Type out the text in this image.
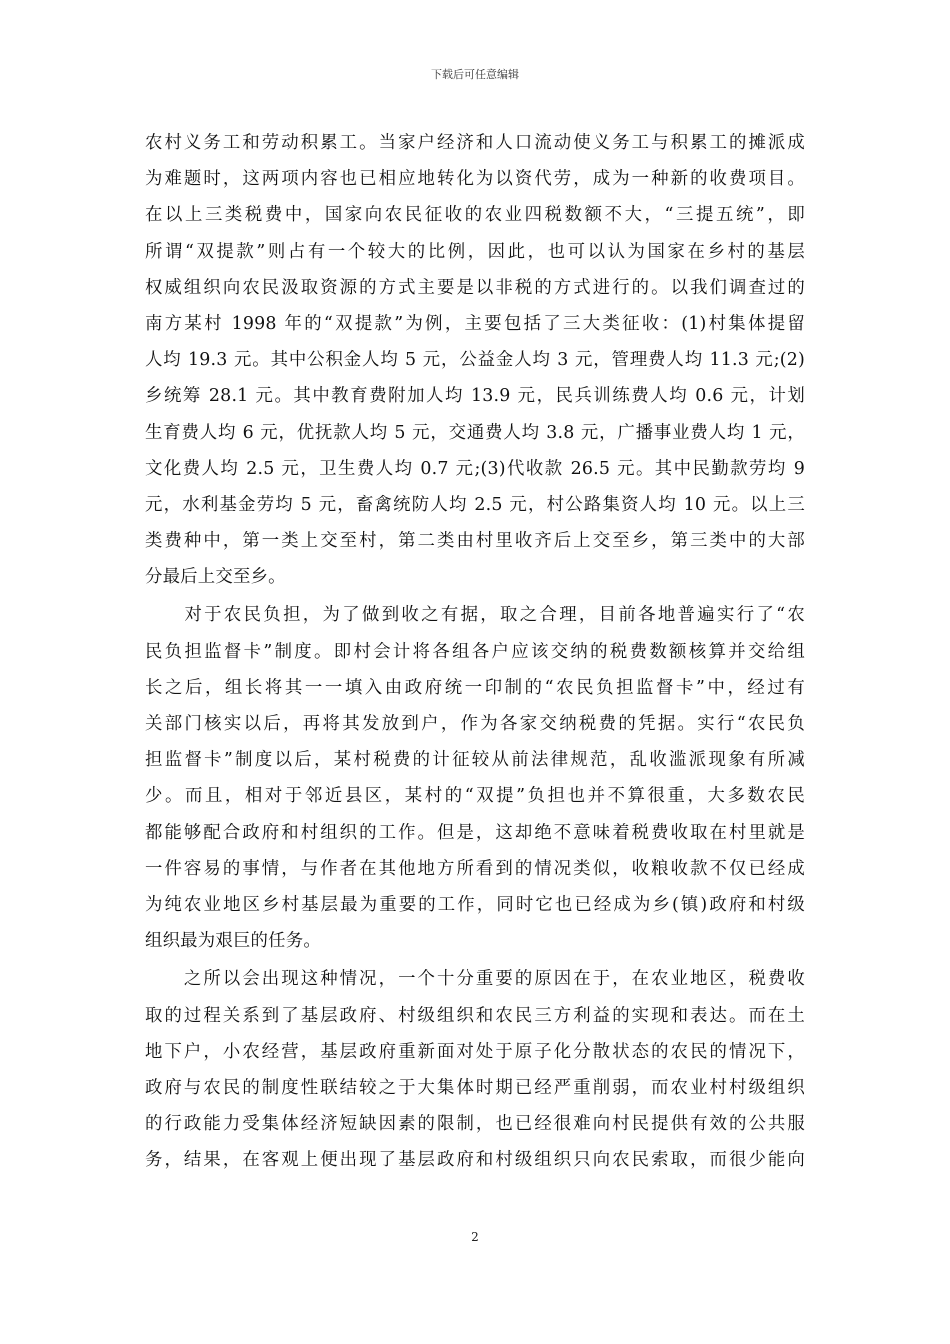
下载后可任意编辑
农村义务工和劳动积累工。当家户经济和人口流动使义务工与积累工的摊派成
为难题时，这两项内容也已相应地转化为以资代劳，成为一种新的收费项目。
在以上三类税费中，国家向农民征收的农业四税数额不大，“三提五统”，即
所谓“双提款”则占有一个较大的比例，因此，也可以认为国家在乡村的基层
权威组织向农民汲取资源的方式主要是以非税的方式进行的。以我们调查过的
南方某村 1998 年的“双提款”为例，主要包括了三大类征收：(1)村集体提留
人均 19.3 元。其中公积金人均 5 元，公益金人均 3 元，管理费人均 11.3 元;(2)
乡统筹 28.1 元。其中教育费附加人均 13.9 元，民兵训练费人均 0.6 元，计划
生育费人均 6 元，优抚款人均 5 元，交通费人均 3.8 元，广播事业费人均 1 元，
文化费人均 2.5 元，卫生费人均 0.7 元;(3)代收款 26.5 元。其中民勤款劳均 9
元，水利基金劳均 5 元，畜禽统防人均 2.5 元，村公路集资人均 10 元。以上三
类费种中，第一类上交至村，第二类由村里收齐后上交至乡，第三类中的大部
分最后上交至乡。
　　对于农民负担，为了做到收之有据，取之合理，目前各地普遍实行了“农
民负担监督卡”制度。即村会计将各组各户应该交纳的税费数额核算并交给组
长之后，组长将其一一填入由政府统一印制的“农民负担监督卡”中，经过有
关部门核实以后，再将其发放到户，作为各家交纳税费的凭据。实行“农民负
担监督卡”制度以后，某村税费的计征较从前法律规范，乱收滥派现象有所减
少。而且，相对于邻近县区，某村的“双提”负担也并不算很重，大多数农民
都能够配合政府和村组织的工作。但是，这却绝不意味着税费收取在村里就是
一件容易的事情，与作者在其他地方所看到的情况类似，收粮收款不仅已经成
为纯农业地区乡村基层最为重要的工作，同时它也已经成为乡(镇)政府和村级
组织最为艰巨的任务。
　　之所以会出现这种情况，一个十分重要的原因在于，在农业地区，税费收
取的过程关系到了基层政府、村级组织和农民三方利益的实现和表达。而在土
地下户，小农经营，基层政府重新面对处于原子化分散状态的农民的情况下，
政府与农民的制度性联结较之于大集体时期已经严重削弱，而农业村村级组织
的行政能力受集体经济短缺因素的限制，也已经很难向村民提供有效的公共服
务，结果，在客观上便出现了基层政府和村级组织只向农民索取，而很少能向
2
